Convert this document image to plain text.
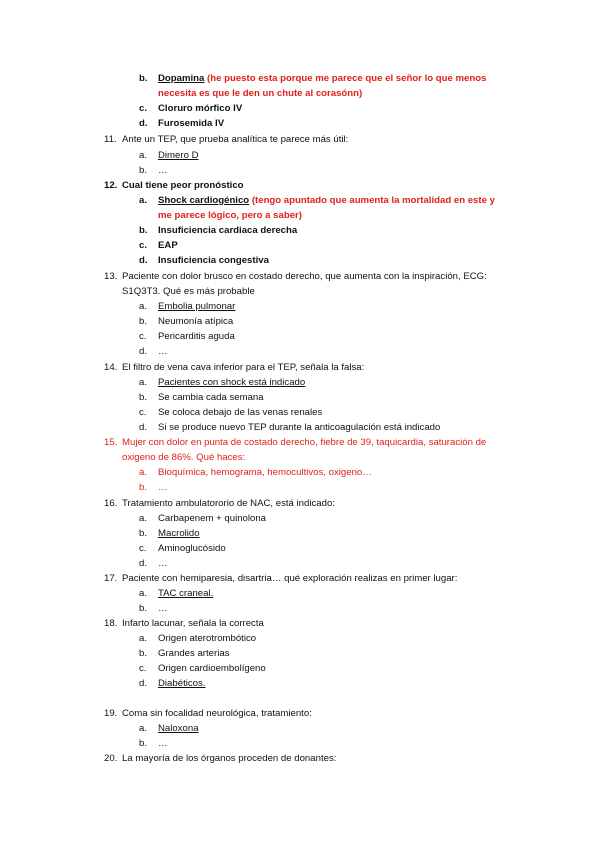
b. Dopamina (he puesto esta porque me parece que el señor lo que menos
necesita es que le den un chute al corasónn)
c. Cloruro mórfico IV
d. Furosemida IV
11. Ante un TEP, que prueba analítica te parece más útil:
a. Dimero D
b. …
12. Cual tiene peor pronóstico
a. Shock cardiogénico (tengo apuntado que aumenta la mortalidad en este y
me parece lógico, pero a saber)
b. Insuficiencia cardiaca derecha
c. EAP
d. Insuficiencia congestiva
13. Paciente con dolor brusco en costado derecho, que aumenta con la inspiración, ECG:
S1Q3T3. Qué es más probable
a. Embolia pulmonar
b. Neumonía atípica
c. Pericarditis aguda
d. …
14. El filtro de vena cava inferior para el TEP, señala la falsa:
a. Pacientes con shock está indicado
b. Se cambia cada semana
c. Se coloca debajo de las venas renales
d. Si se produce nuevo TEP durante la anticoagulación está indicado
15. Mujer con dolor en punta de costado derecho, fiebre de 39, taquicardia, saturación de
oxigeno de 86%. Qué haces:
a. Bioquímica, hemograma, hemocultivos, oxigeno…
b. …
16. Tratamiento ambulatororio de NAC, está indicado:
a. Carbapenem + quinolona
b. Macrolido
c. Aminoglucósido
d. …
17. Paciente con hemiparesia, disartria… qué exploración realizas en primer lugar:
a. TAC craneal.
b. …
18. Infarto lacunar, señala la correcta
a. Origen aterotrombótico
b. Grandes arterias
c. Origen cardioembolígeno
d. Diabéticos.
19. Coma sin focalidad neurológica, tratamiento:
a. Naloxona
b. …
20. La mayoría de los órganos proceden de donantes:
